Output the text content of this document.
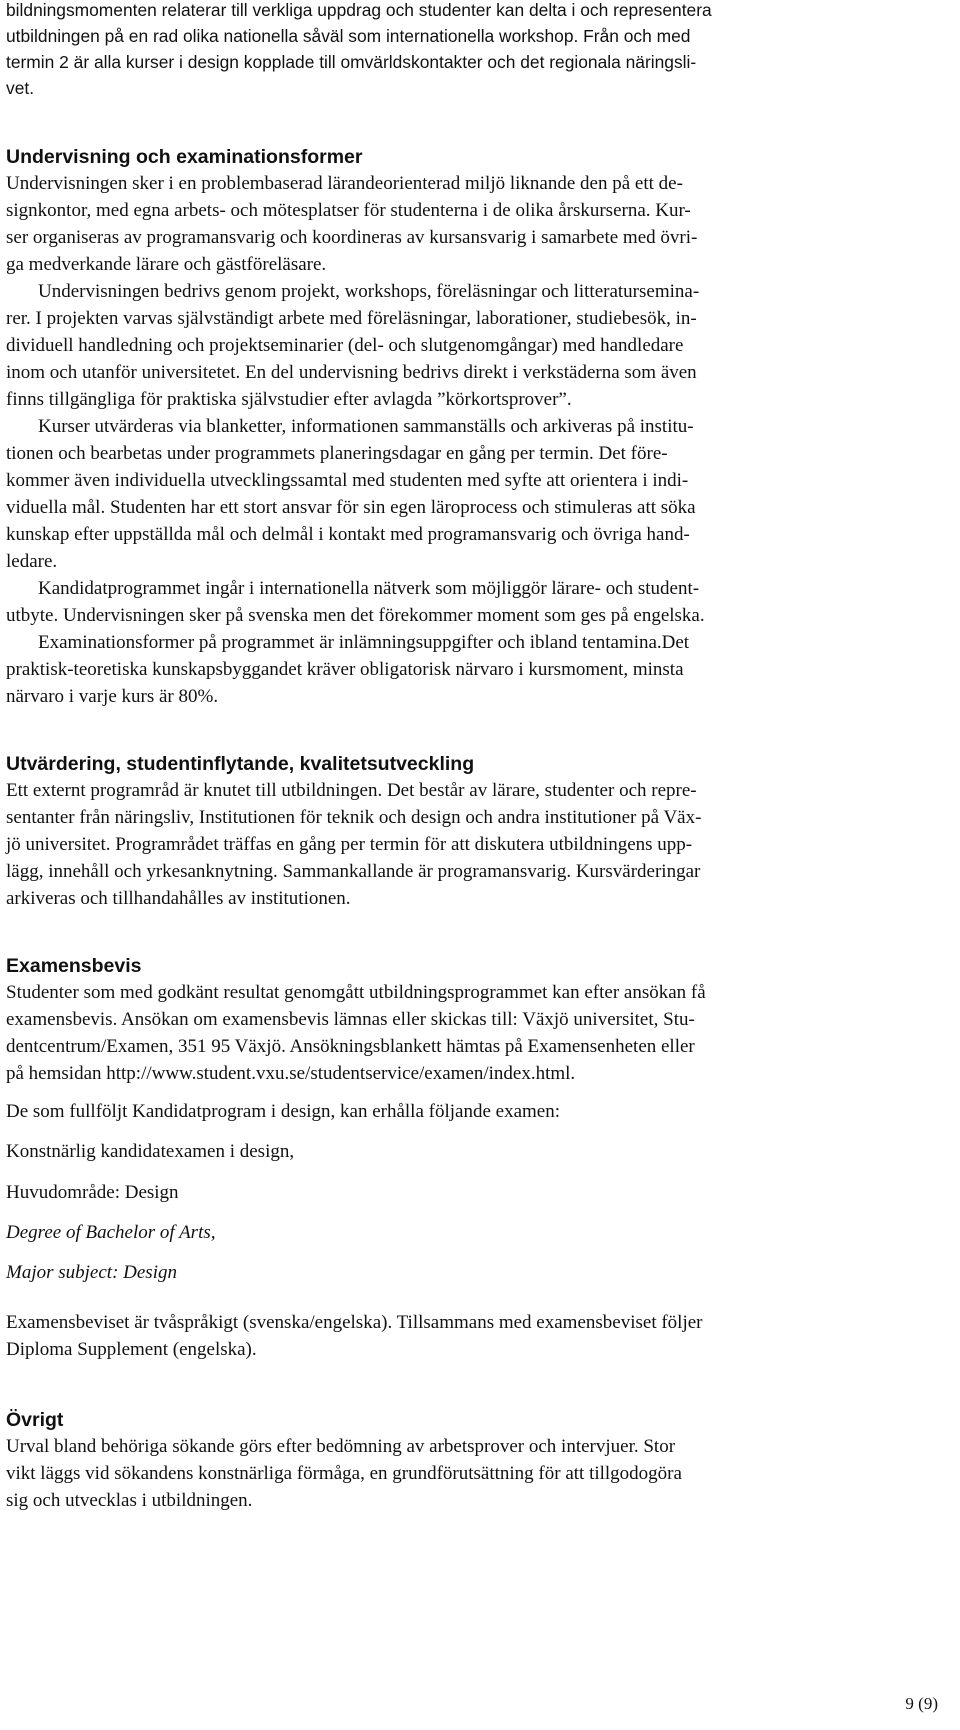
bildningsmomenten relaterar till verkliga uppdrag och studenter kan delta i och representera
utbildningen på en rad olika nationella såväl som internationella workshop. Från och med
termin 2 är alla kurser i design kopplade till omvärldskontakter och det regionala näringsli-
vet.
Undervisning och examinationsformer
Undervisningen sker i en problembaserad lärandeorienterad miljö liknande den på ett de-
signkontor, med egna arbets- och mötesplatser för studenterna i de olika årskurserna. Kur-
ser organiseras av programansvarig och koordineras av kursansvarig i samarbete med övri-
ga medverkande lärare och gästföreläsare.
Undervisningen bedrivs genom projekt, workshops, föreläsningar och litteratursemina-
rer. I projekten varvas självständigt arbete med föreläsningar, laborationer, studiebesök, in-
dividuell handledning och projektseminarier (del- och slutgenomgångar) med handledare
inom och utanför universitetet. En del undervisning bedrivs direkt i verkstäderna som även
finns tillgängliga för praktiska självstudier efter avlagda ”körkortsprover”.
Kurser utvärderas via blanketter, informationen sammanställs och arkiveras på institu-
tionen och bearbetas under programmets planeringsdagar en gång per termin. Det före-
kommer även individuella utvecklingssamtal med studenten med syfte att orientera i indi-
viduella mål. Studenten har ett stort ansvar för sin egen läroprocess och stimuleras att söka
kunskap efter uppställda mål och delmål i kontakt med programansvarig och övriga hand-
ledare.
Kandidatprogrammet ingår i internationella nätverk som möjliggör lärare- och student-
utbyte. Undervisningen sker på svenska men det förekommer moment som ges på engelska.
Examinationsformer på programmet är inlämningsuppgifter och ibland tentamina.Det
praktisk-teoretiska kunskapsbyggandet kräver obligatorisk närvaro i kursmoment, minsta
närvaro i varje kurs är 80%.
Utvärdering, studentinflytande, kvalitetsutveckling
Ett externt programråd är knutet till utbildningen. Det består av lärare, studenter och repre-
sentanter från näringsliv, Institutionen för teknik och design och andra institutioner på Väx-
jö universitet. Programrådet träffas en gång per termin för att diskutera utbildningens upp-
lägg, innehåll och yrkesanknytning. Sammankallande är programansvarig. Kursvärderingar
arkiveras och tillhandahålles av institutionen.
Examensbevis
Studenter som med godkänt resultat genomgått utbildningsprogrammet kan efter ansökan få
examensbevis. Ansökan om examensbevis lämnas eller skickas till: Växjö universitet, Stu-
dentcentrum/Examen, 351 95 Växjö. Ansökningsblankett hämtas på Examensenheten eller
på hemsidan http://www.student.vxu.se/studentservice/examen/index.html.
De som fullföljt Kandidatprogram i design, kan erhålla följande examen:
Konstnärlig kandidatexamen i design,
Huvudområde: Design
Degree of Bachelor of Arts,
Major subject: Design
Examensbeviset är tvåspråkigt (svenska/engelska). Tillsammans med examensbeviset följer
Diploma Supplement (engelska).
Övrigt
Urval bland behöriga sökande görs efter bedömning av arbetsprover och intervjuer. Stor
vikt läggs vid sökandens konstnärliga förmåga, en grundförutsättning för att tillgodogöra
sig och utvecklas i utbildningen.
9 (9)
